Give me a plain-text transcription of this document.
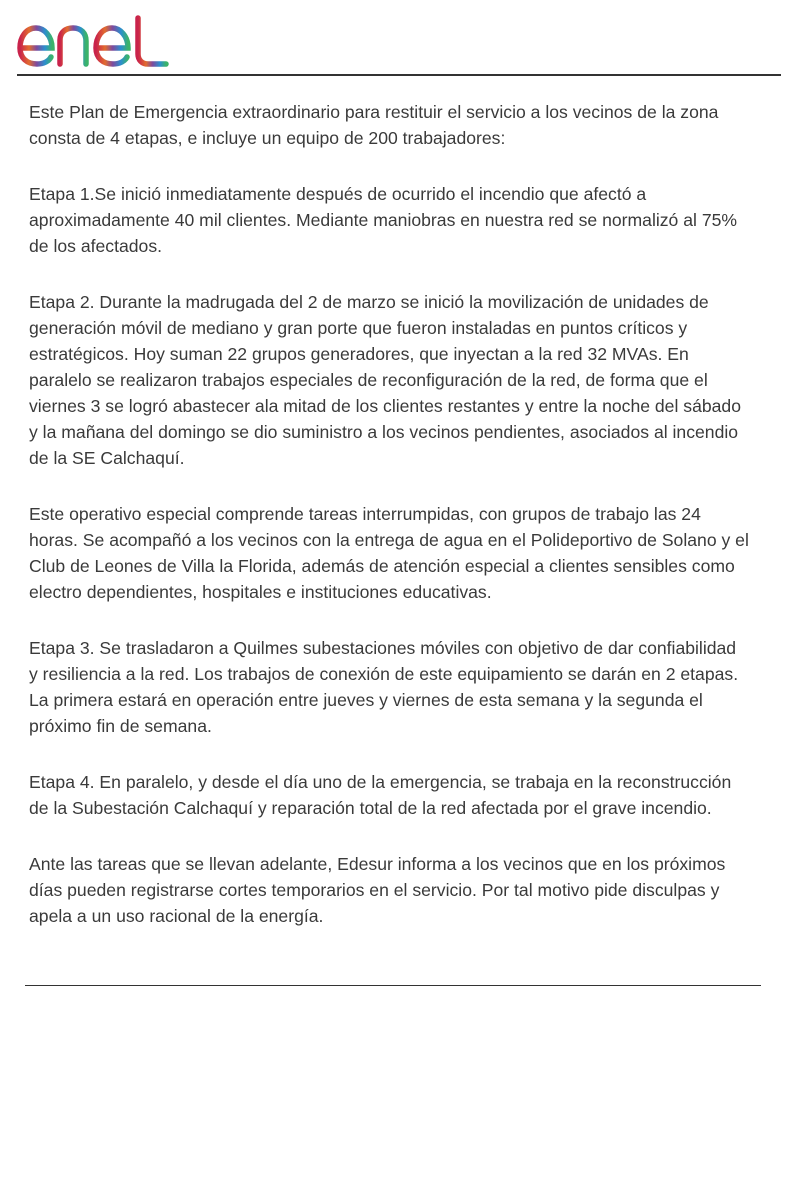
Este Plan de Emergencia extraordinario para restituir el servicio a los vecinos de la zona consta de 4 etapas, e incluye un equipo de 200 trabajadores:

Etapa 1.Se inició inmediatamente después de ocurrido el incendio que afectó a aproximadamente 40 mil clientes. Mediante maniobras en nuestra red se normalizó al 75% de los afectados.

Etapa 2. Durante la madrugada del 2 de marzo se inició la movilización de unidades de generación móvil de mediano y gran porte que fueron instaladas en puntos críticos y estratégicos. Hoy suman 22 grupos generadores, que inyectan a la red 32 MVAs. En paralelo se realizaron trabajos especiales de reconfiguración de la red, de forma que el viernes 3 se logró abastecer ala mitad de los clientes restantes y entre la noche del sábado y la mañana del domingo se dio suministro a los vecinos pendientes, asociados al incendio de la SE Calchaquí.

Este operativo especial comprende tareas interrumpidas, con grupos de trabajo las 24 horas. Se acompañó a los vecinos con la entrega de agua en el Polideportivo de Solano y el Club de Leones de Villa la Florida, además de atención especial a clientes sensibles como electro dependientes, hospitales e instituciones educativas.

Etapa 3. Se trasladaron a Quilmes subestaciones móviles con objetivo de dar confiabilidad y resiliencia a la red. Los trabajos de conexión de este equipamiento se darán en 2 etapas. La primera estará en operación entre jueves y viernes de esta semana y la segunda el próximo fin de semana.

Etapa 4. En paralelo, y desde el día uno de la emergencia, se trabaja en la reconstrucción de la Subestación Calchaquí y reparación total de la red afectada por el grave incendio.

Ante las tareas que se llevan adelante, Edesur informa a los vecinos que en los próximos días pueden registrarse cortes temporarios en el servicio. Por tal motivo pide disculpas y apela a un uso racional de la energía.
